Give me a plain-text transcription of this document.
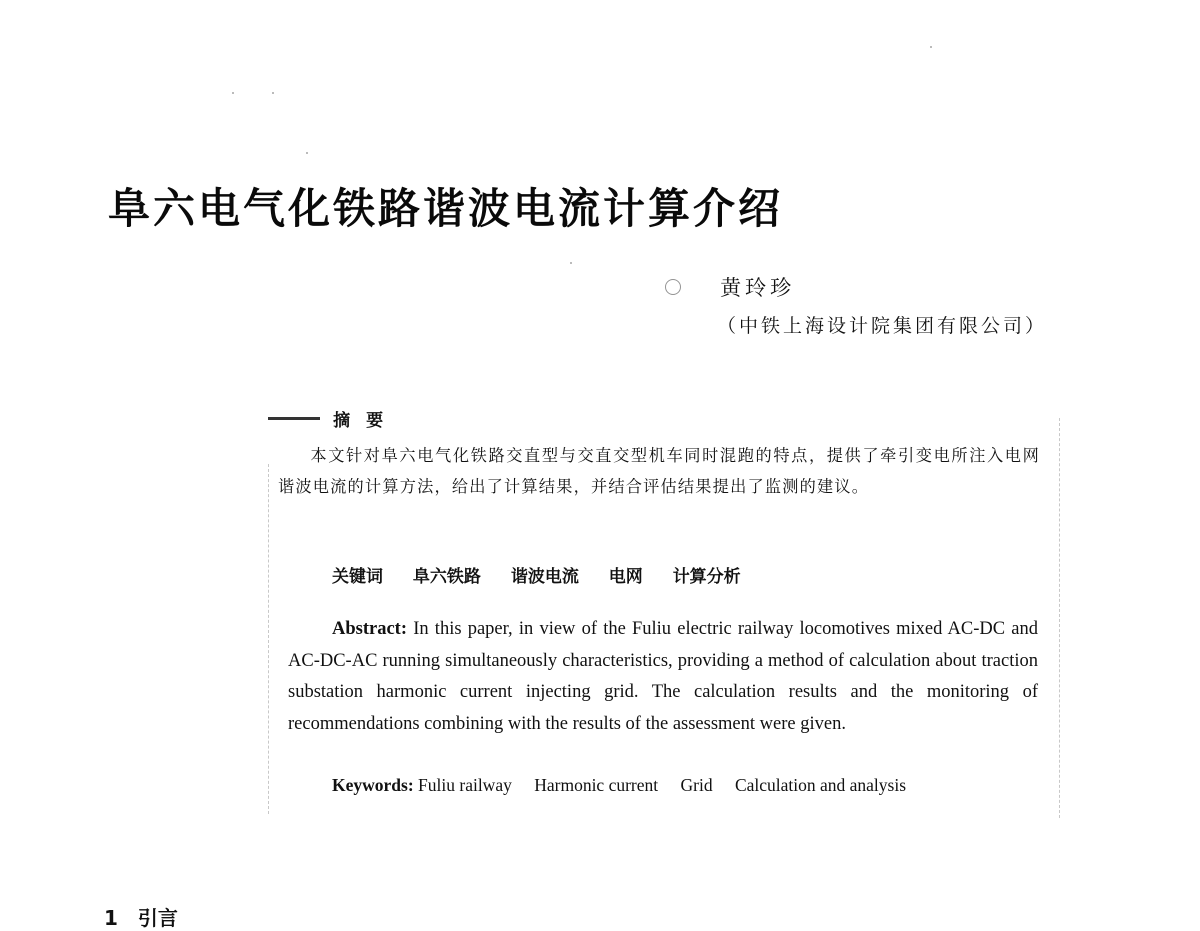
阜六电气化铁路谐波电流计算介绍
黄玲珍
（中铁上海设计院集团有限公司）
摘要

本文针对阜六电气化铁路交直型与交直交型机车同时混跑的特点，提供了牵引变电所注入电网谐波电流的计算方法，给出了计算结果，并结合评估结果提出了监测的建议。

关键词 阜六铁路 谐波电流 电网 计算分析

Abstract: In this paper, in view of the Fuliu electric railway locomotives mixed AC-DC and AC-DC-AC running simultaneously characteristics, providing a method of calculation about traction substation harmonic current injecting grid. The calculation results and the monitoring of recommendations combining with the results of the assessment were given.

Keywords: Fuliu railway Harmonic current Grid Calculation and analysis
1 引言
